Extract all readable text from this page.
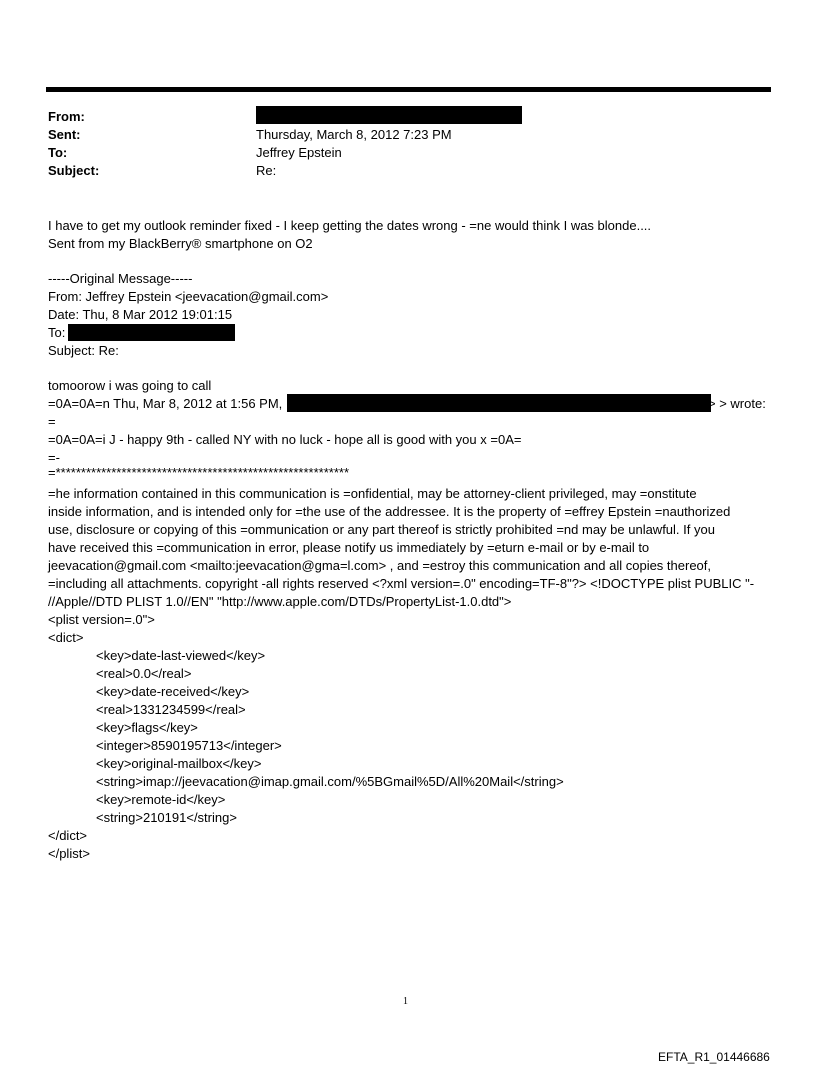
From:
Sent:	Thursday, March 8, 2012 7:23 PM
To:	Jeffrey Epstein
Subject:	Re:
I have to get my outlook reminder fixed - I keep getting the dates wrong - =ne would think I was blonde....
Sent from my BlackBerry® smartphone on O2
-----Original Message-----
From: Jeffrey Epstein <jeevacation@gmail.com>
Date: Thu, 8 Mar 2012 19:01:15
To:
Subject: Re:
tomoorow i was going to call
=0A=0A=n Thu, Mar 8, 2012 at 1:56 PM,	> > wrote:
=
=0A=0A=i J - happy 9th - called NY with no luck - hope all is good with you x =0A=
=-
=**********************************************************
=he information contained in this communication is =onfidential, may be attorney-client privileged, may =onstitute
inside information, and is intended only for =the use of the addressee. It is the property of =effrey Epstein =nauthorized
use, disclosure or copying of this =ommunication or any part thereof is strictly prohibited =nd may be unlawful. If you
have received this =communication in error, please notify us immediately by =eturn e-mail or by e-mail to
jeevacation@gmail.com <mailto:jeevacation@gma=l.com> , and =estroy this communication and all copies thereof,
=including all attachments. copyright -all rights reserved <?xml version=.0" encoding=TF-8"?> <!DOCTYPE plist PUBLIC "-
//Apple//DTD PLIST 1.0//EN" "http://www.apple.com/DTDs/PropertyList-1.0.dtd">
<plist version=.0">
<dict>
<key>date-last-viewed</key>
<real>0.0</real>
<key>date-received</key>
<real>1331234599</real>
<key>flags</key>
<integer>8590195713</integer>
<key>original-mailbox</key>
<string>imap://jeevacation@imap.gmail.com/%5BGmail%5D/All%20Mail</string>
<key>remote-id</key>
<string>210191</string>
</dict>
</plist>
1
EFTA_R1_01446686
